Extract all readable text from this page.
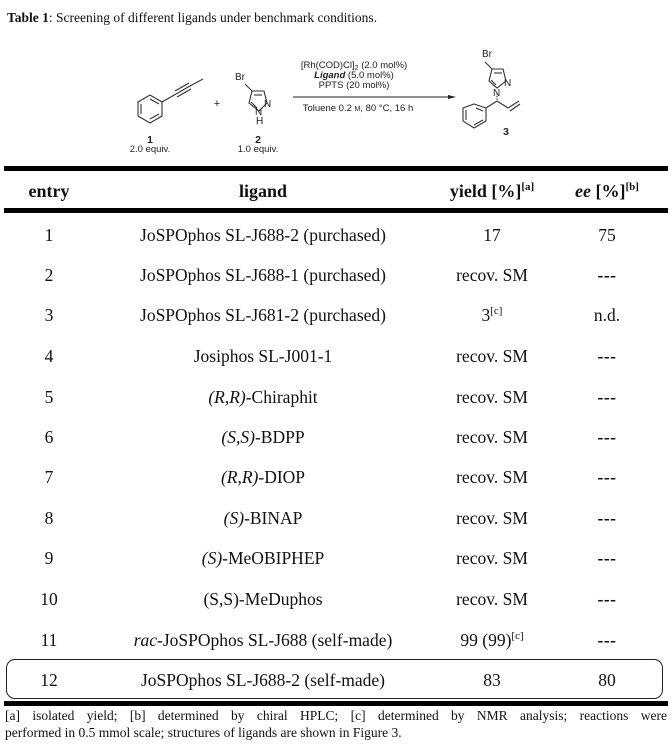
Table 1: Screening of different ligands under benchmark conditions.
1
2.0 equiv.
+
Br
N
N
H
2
1.0 equiv.
$[Rh(COD)Cl]_2$ (2.0 mol%)
Ligand (5.0 mol%)
PPTS (20 mol%)
Toluene 0.2 M, 80 °C, 16 h
Br
N
N
3
entry	ligand	yield [%][a]	ee [%][b]
1	JoSPOphos SL-J688-2 (purchased)	17	75
2	JoSPOphos SL-J688-1 (purchased)	recov. SM	---
3	JoSPOphos SL-J681-2 (purchased)	3[c]	n.d.
4	Josiphos SL-J001-1	recov. SM	---
5	(R,R)-Chiraphit	recov. SM	---
6	(S,S)-BDPP	recov. SM	---
7	(R,R)-DIOP	recov. SM	---
8	(S)-BINAP	recov. SM	---
9	(S)-MeOBIPHEP	recov. SM	---
10	(S,S)-MeDuphos	recov. SM	---
11	rac-JoSPOphos SL-J688 (self-made)	99 (99)[c]	---
12	JoSPOphos SL-J688-2 (self-made)	83	80
[a] isolated yield; [b] determined by chiral HPLC; [c] determined by NMR analysis; reactions were
performed in 0.5 mmol scale; structures of ligands are shown in Figure 3.
